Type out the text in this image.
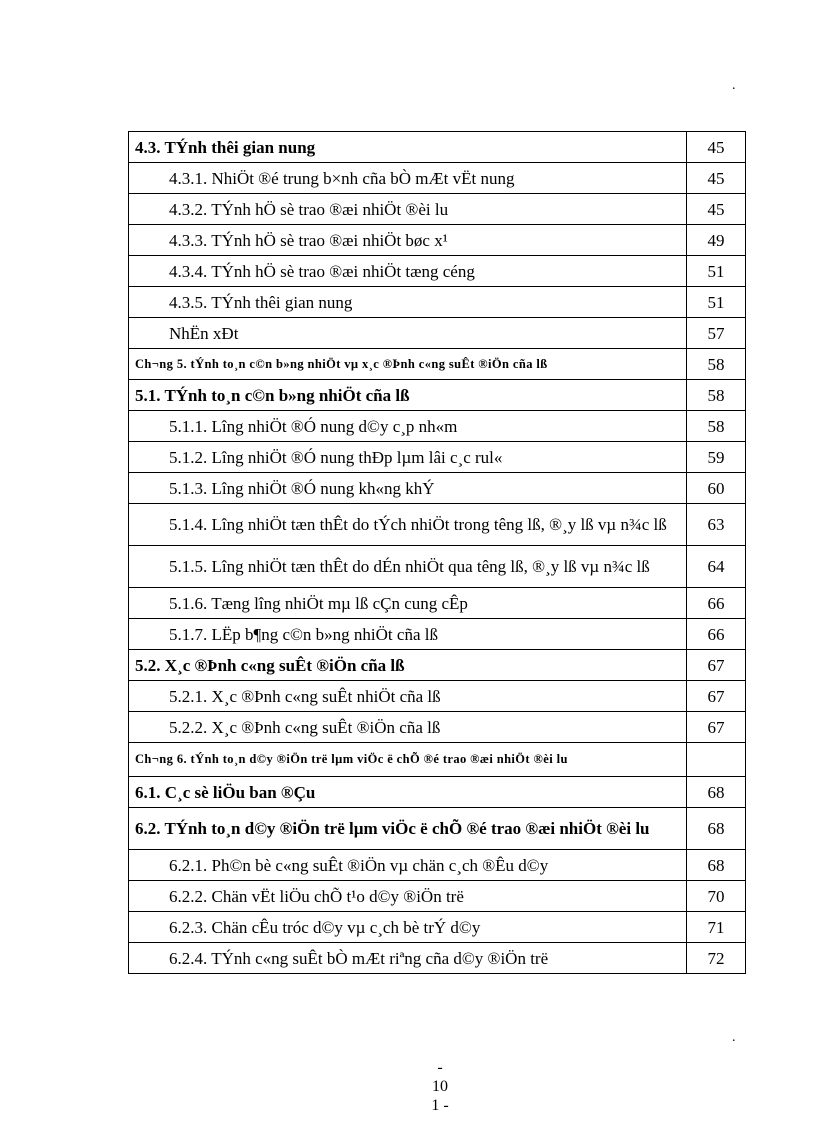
.
4.3. TÝnh thêi gian nung	45
4.3.1. NhiÖt ®é trung b×nh cña bÒ mÆt vËt nung	45
4.3.2. TÝnh hÖ sè trao ®æi nhiÖt ®èi lu	45
4.3.3. TÝnh hÖ sè trao ®æi nhiÖt bøc x¹	49
4.3.4. TÝnh hÖ sè trao ®æi nhiÖt tæng céng	51
4.3.5. TÝnh thêi gian nung	51
NhËn xÐt	57
Ch¬ng 5. tÝnh to¸n c©n b»ng nhiÖt vµ x¸c ®Þnh c«ng suÊt ®iÖn cña lß	58
5.1. TÝnh to¸n c©n b»ng nhiÖt cña lß	58
5.1.1. Lîng nhiÖt ®Ó nung d©y c¸p nh«m	58
5.1.2. Lîng nhiÖt ®Ó nung thÐp lµm lâi c¸c rul«	59
5.1.3. Lîng nhiÖt ®Ó nung kh«ng khÝ	60
5.1.4. Lîng nhiÖt tæn thÊt do tÝch nhiÖt trong têng lß, ®¸y lß vµ n¾c lß	63
5.1.5. Lîng nhiÖt tæn thÊt do dÉn nhiÖt qua têng lß, ®¸y lß vµ n¾c lß	64
5.1.6. Tæng lîng nhiÖt mµ lß cÇn cung cÊp	66
5.1.7. LËp b¶ng c©n b»ng nhiÖt cña lß	66
5.2. X¸c ®Þnh c«ng suÊt ®iÖn cña lß	67
5.2.1. X¸c ®Þnh c«ng suÊt nhiÖt cña lß	67
5.2.2. X¸c ®Þnh c«ng suÊt ®iÖn cña lß	67
Ch¬ng 6. tÝnh to¸n d©y ®iÖn trë lµm viÖc ë chÕ ®é trao ®æi nhiÖt ®èi lu	
6.1. C¸c sè liÖu ban ®Çu	68
6.2. TÝnh to¸n d©y ®iÖn trë lµm viÖc ë chÕ ®é trao ®æi nhiÖt ®èi lu	68
6.2.1. Ph©n bè c«ng suÊt ®iÖn vµ chän c¸ch ®Êu d©y	68
6.2.2. Chän vËt liÖu chÕ t¹o d©y ®iÖn trë	70
6.2.3. Chän cÊu tróc d©y vµ c¸ch bè trÝ d©y	71
6.2.4. TÝnh c«ng suÊt bÒ mÆt riªng cña d©y ®iÖn trë	72
.
-
10
1 -
